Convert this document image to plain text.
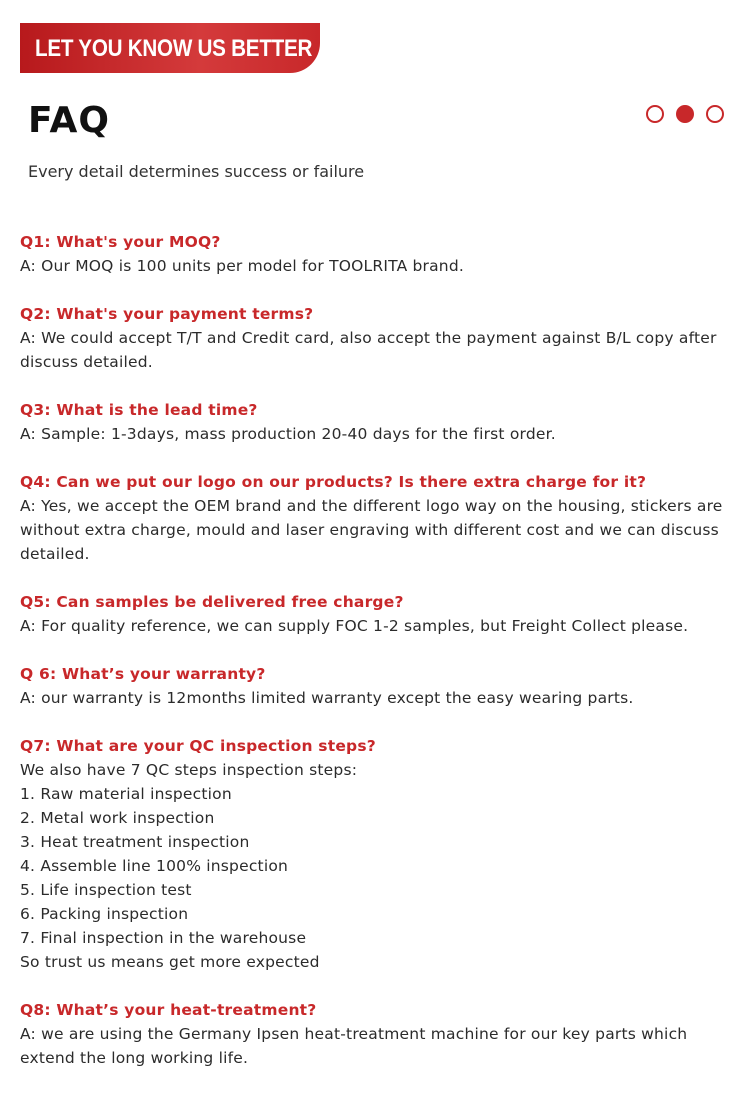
LET YOU KNOW US BETTER
FAQ
Every detail determines success or failure
Q1: What's your MOQ?
A: Our MOQ is 100 units per model for TOOLRITA brand.
Q2: What's your payment terms?
A: We could accept T/T and Credit card, also accept the payment against B/L copy after discuss detailed.
Q3: What is the lead time?
A: Sample: 1-3days, mass production 20-40 days for the first order.
Q4: Can we put our logo on our products? Is there extra charge for it?
A: Yes, we accept the OEM brand and the different logo way on the housing, stickers are without extra charge, mould and laser engraving with different cost and we can discuss detailed.
Q5: Can samples be delivered free charge?
A: For quality reference, we can supply FOC 1-2 samples, but Freight Collect please.
Q 6: What’s your warranty?
A: our warranty is 12months limited warranty except the easy wearing parts.
Q7: What are your QC inspection steps?
We also have 7 QC steps inspection steps:
1. Raw material inspection
2. Metal work inspection
3. Heat treatment inspection
4. Assemble line 100% inspection
5. Life inspection test
6. Packing inspection
7. Final inspection in the warehouse
So trust us means get more expected
Q8: What’s your heat-treatment?
A: we are using the Germany Ipsen heat-treatment machine for our key parts which extend the long working life.
